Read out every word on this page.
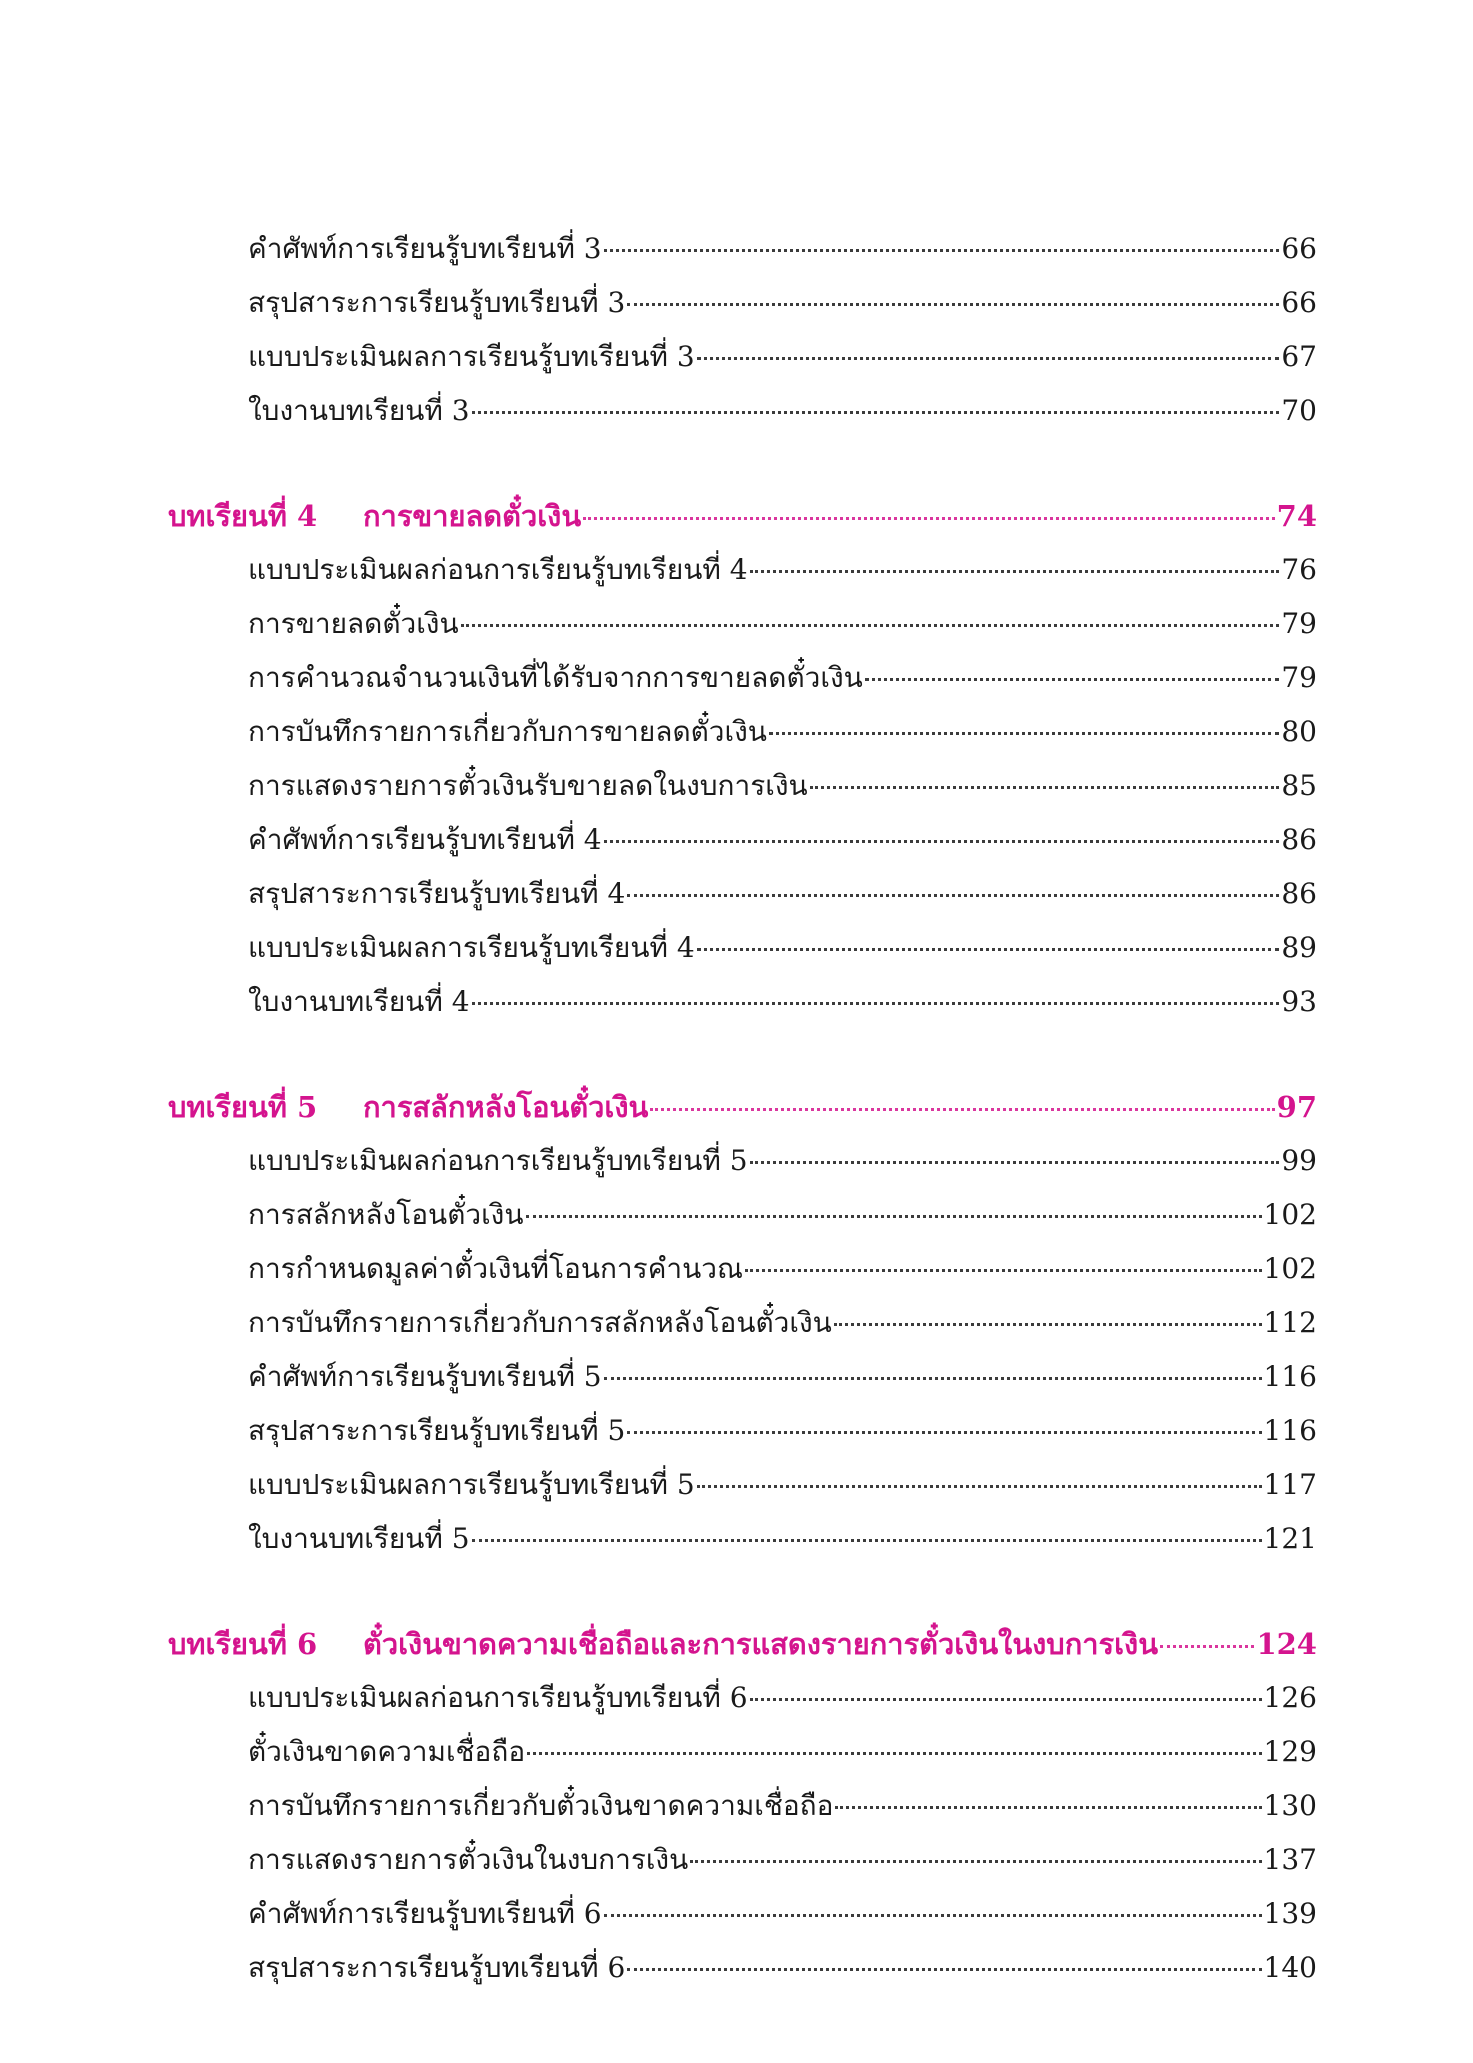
คำศัพท์การเรียนรู้บทเรียนที่ 3	66
สรุปสาระการเรียนรู้บทเรียนที่ 3	66
แบบประเมินผลการเรียนรู้บทเรียนที่ 3	67
ใบงานบทเรียนที่ 3	70
บทเรียนที่ 4	การขายลดตั๋วเงิน	74
แบบประเมินผลก่อนการเรียนรู้บทเรียนที่ 4	76
การขายลดตั๋วเงิน	79
การคำนวณจำนวนเงินที่ได้รับจากการขายลดตั๋วเงิน	79
การบันทึกรายการเกี่ยวกับการขายลดตั๋วเงิน	80
การแสดงรายการตั๋วเงินรับขายลดในงบการเงิน	85
คำศัพท์การเรียนรู้บทเรียนที่ 4	86
สรุปสาระการเรียนรู้บทเรียนที่ 4	86
แบบประเมินผลการเรียนรู้บทเรียนที่ 4	89
ใบงานบทเรียนที่ 4	93
บทเรียนที่ 5	การสลักหลังโอนตั๋วเงิน	97
แบบประเมินผลก่อนการเรียนรู้บทเรียนที่ 5	99
การสลักหลังโอนตั๋วเงิน	102
การกำหนดมูลค่าตั๋วเงินที่โอนการคำนวณ	102
การบันทึกรายการเกี่ยวกับการสลักหลังโอนตั๋วเงิน	112
คำศัพท์การเรียนรู้บทเรียนที่ 5	116
สรุปสาระการเรียนรู้บทเรียนที่ 5	116
แบบประเมินผลการเรียนรู้บทเรียนที่ 5	117
ใบงานบทเรียนที่ 5	121
บทเรียนที่ 6	ตั๋วเงินขาดความเชื่อถือและการแสดงรายการตั๋วเงินในงบการเงิน	124
แบบประเมินผลก่อนการเรียนรู้บทเรียนที่ 6	126
ตั๋วเงินขาดความเชื่อถือ	129
การบันทึกรายการเกี่ยวกับตั๋วเงินขาดความเชื่อถือ	130
การแสดงรายการตั๋วเงินในงบการเงิน	137
คำศัพท์การเรียนรู้บทเรียนที่ 6	139
สรุปสาระการเรียนรู้บทเรียนที่ 6	140
